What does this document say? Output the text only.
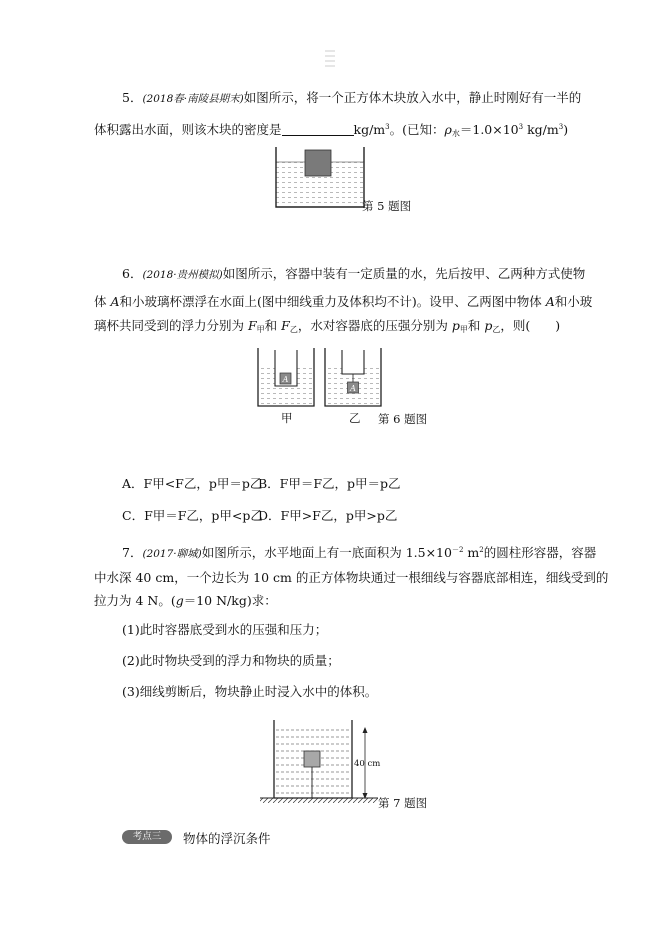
5．(2018春·南陵县期末)如图所示，将一个正方体木块放入水中，静止时刚好有一半的
体积露出水面，则该木块的密度是	$kg/m^3$。(已知：$\rho_水=1.0\times 10^3$ $kg/m^3$)
第 5 题图
6．(2018·贵州模拟)如图所示，容器中装有一定质量的水，先后按甲、乙两种方式使物
体 A和小玻璃杯漂浮在水面上(图中细线重力及体积均不计)。设甲、乙两图中物体 A和小玻
璃杯共同受到的浮力分别为 $F_甲$和 $F_乙$，水对容器底的压强分别为 $p_甲$和 $p_乙$，则(　　)
A
A
甲	乙 第 6 题图
A．F甲<F乙，p甲＝p乙
B．F甲＝F乙，p甲＝p乙
C．F甲＝F乙，p甲<p乙
D．F甲>F乙，p甲>p乙
7．(2017·聊城)如图所示，水平地面上有一底面积为 $1.5\times 10^{-2}$ $m^2$的圆柱形容器，容器
中水深 40 cm，一个边长为 10 cm 的正方体物块通过一根细线与容器底部相连，细线受到的
拉力为 4 N。(g＝10 N/kg)求：
(1)此时容器底受到水的压强和压力；
(2)此时物块受到的浮力和物块的质量；
(3)细线剪断后，物块静止时浸入水中的体积。
40 cm
第 7 题图
考点三	物体的浮沉条件
